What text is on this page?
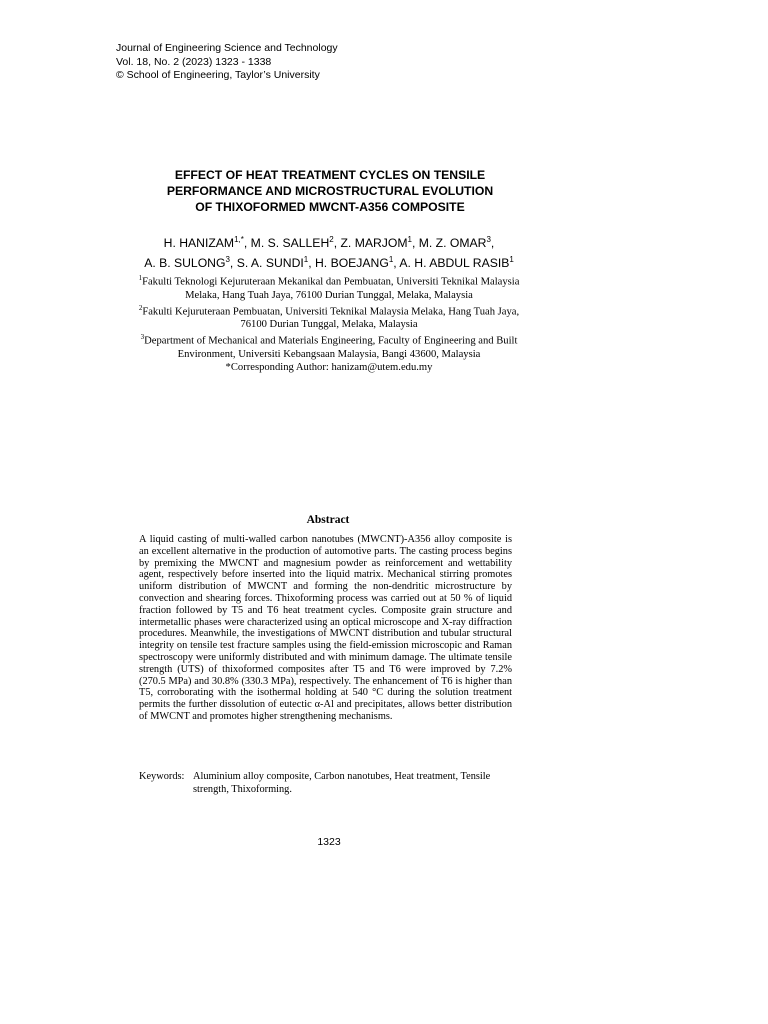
Journal of Engineering Science and Technology
Vol. 18, No. 2 (2023) 1323 - 1338
© School of Engineering, Taylor’s University
EFFECT OF HEAT TREATMENT CYCLES ON TENSILE
PERFORMANCE AND MICROSTRUCTURAL EVOLUTION
OF THIXOFORMED MWCNT-A356 COMPOSITE
H. $HANIZAM^{1,*}$, M. S. SALLEH$^2$, Z. MARJOM$^1$, M. Z. OMAR$^3$,
A. B. SULONG$^3$, S. A. SUNDI$^1$, H. BOEJANG$^1$, A. H. ABDUL RASIB$^1$
$^1$Fakulti Teknologi Kejuruteraan Mekanikal dan Pembuatan, Universiti Teknikal Malaysia
Melaka, Hang Tuah Jaya, 76100 Durian Tunggal, Melaka, Malaysia
$^2$Fakulti Kejuruteraan Pembuatan, Universiti Teknikal Malaysia Melaka, Hang Tuah Jaya,
76100 Durian Tunggal, Melaka, Malaysia
$^3$Department of Mechanical and Materials Engineering, Faculty of Engineering and Built
Environment, Universiti Kebangsaan Malaysia, Bangi 43600, Malaysia
*Corresponding Author: hanizam@utem.edu.my
Abstract
A liquid casting of multi-walled carbon nanotubes (MWCNT)-A356 alloy composite is an excellent alternative in the production of automotive parts. The casting process begins by premixing the MWCNT and magnesium powder as reinforcement and wettability agent, respectively before inserted into the liquid matrix. Mechanical stirring promotes uniform distribution of MWCNT and forming the non-dendritic microstructure by convection and shearing forces. Thixoforming process was carried out at 50 % of liquid fraction followed by T5 and T6 heat treatment cycles. Composite grain structure and intermetallic phases were characterized using an optical microscope and X-ray diffraction procedures. Meanwhile, the investigations of MWCNT distribution and tubular structural integrity on tensile test fracture samples using the field-emission microscopic and Raman spectroscopy were uniformly distributed and with minimum damage. The ultimate tensile strength (UTS) of thixoformed composites after T5 and T6 were improved by 7.2% (270.5 MPa) and 30.8% (330.3 MPa), respectively. The enhancement of T6 is higher than T5, corroborating with the isothermal holding at 540 °C during the solution treatment permits the further dissolution of eutectic α-Al and precipitates, allows better distribution of MWCNT and promotes higher strengthening mechanisms.
Keywords: Aluminium alloy composite, Carbon nanotubes, Heat treatment, Tensile
strength, Thixoforming.
1323
